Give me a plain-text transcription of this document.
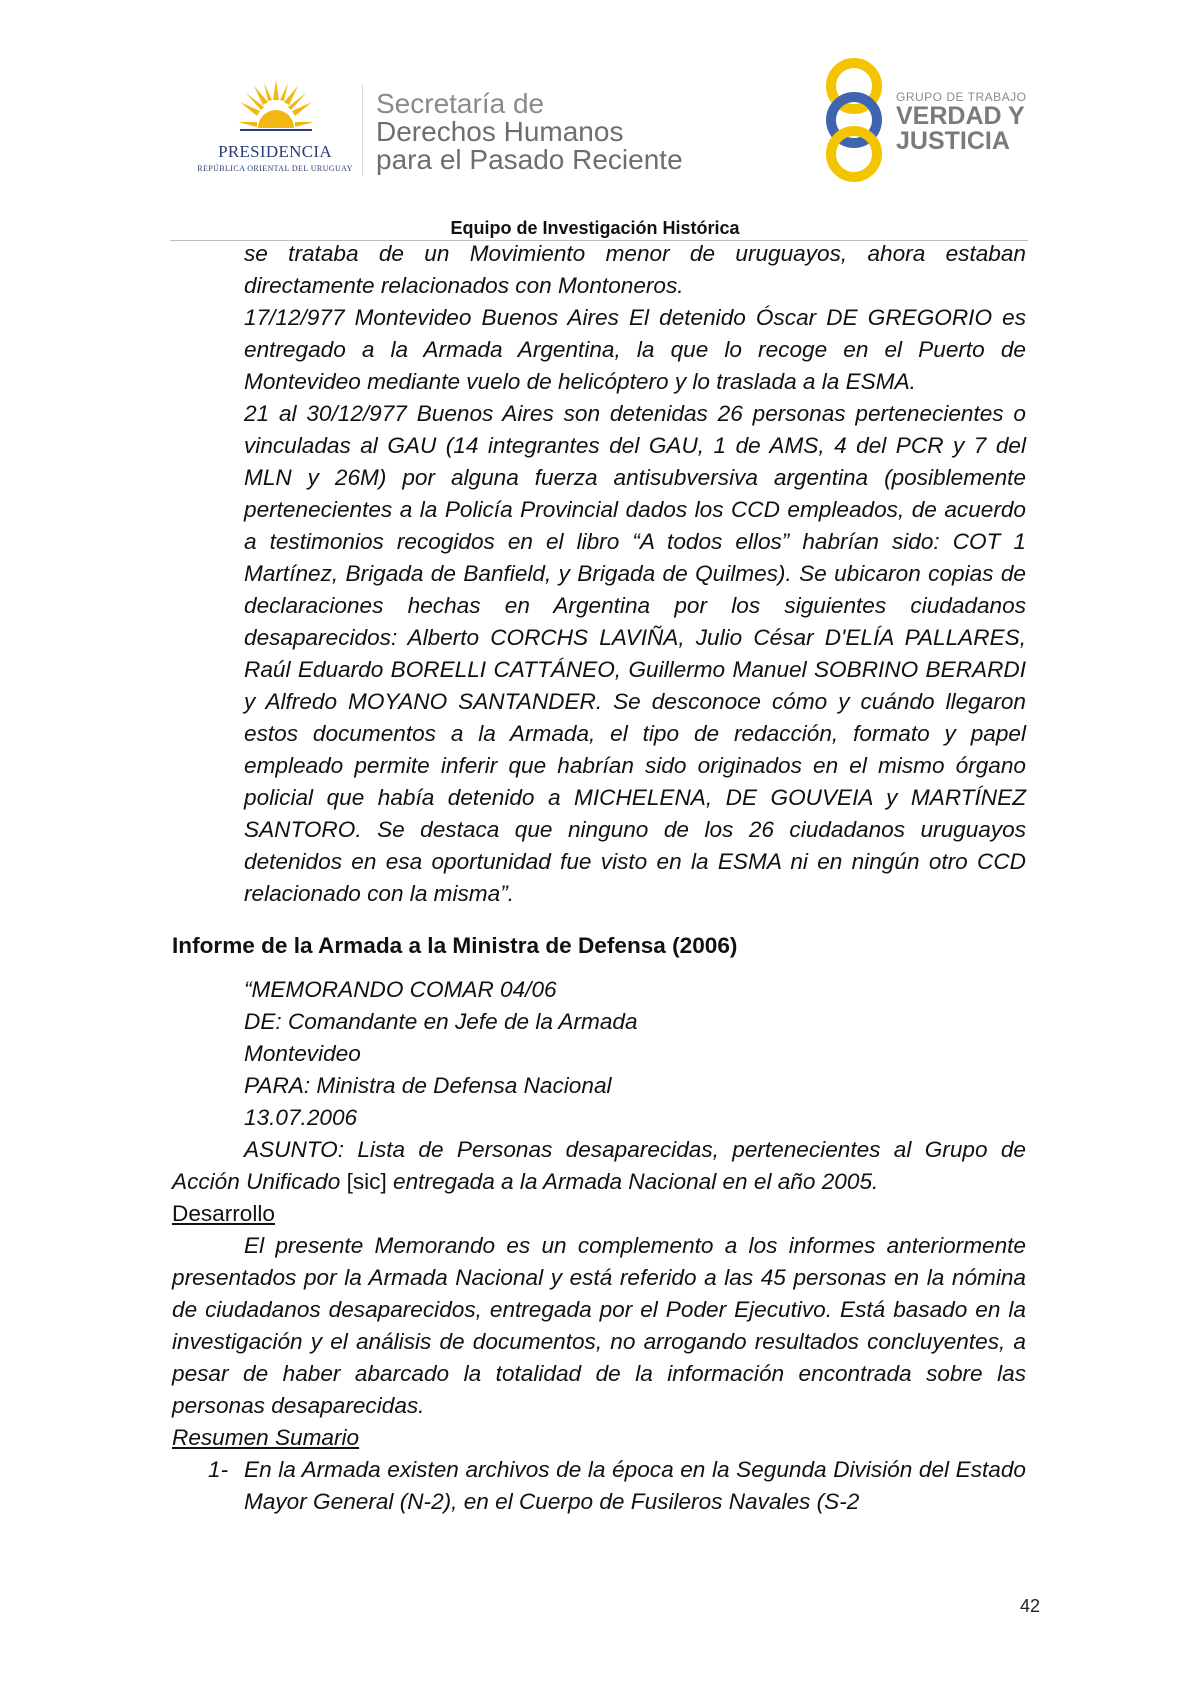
PRESIDENCIA
REPÚBLICA ORIENTAL DEL URUGUAY
Secretaría de
Derechos Humanos
para el Pasado Reciente
GRUPO DE TRABAJO
VERDAD Y
JUSTICIA
Equipo de Investigación Histórica

se trataba de un Movimiento menor de uruguayos, ahora estaban directamente relacionados con Montoneros.

17/12/977 Montevideo Buenos Aires El detenido Óscar DE GREGORIO es entregado a la Armada Argentina, la que lo recoge en el Puerto de Montevideo mediante vuelo de helicóptero y lo traslada a la ESMA.

21 al 30/12/977 Buenos Aires son detenidas 26 personas pertenecientes o vinculadas al GAU (14 integrantes del GAU, 1 de AMS, 4 del PCR y 7 del MLN y 26M) por alguna fuerza antisubversiva argentina (posiblemente pertenecientes a la Policía Provincial dados los CCD empleados, de acuerdo a testimonios recogidos en el libro “A todos ellos” habrían sido: COT 1 Martínez, Brigada de Banfield, y Brigada de Quilmes). Se ubicaron copias de declaraciones hechas en Argentina por los siguientes ciudadanos desaparecidos: Alberto CORCHS LAVIÑA, Julio César D'ELÍA PALLARES, Raúl Eduardo BORELLI CATTÁNEO, Guillermo Manuel SOBRINO BERARDI y Alfredo MOYANO SANTANDER. Se desconoce cómo y cuándo llegaron estos documentos a la Armada, el tipo de redacción, formato y papel empleado permite inferir que habrían sido originados en el mismo órgano policial que había detenido a MICHELENA, DE GOUVEIA y MARTÍNEZ SANTORO. Se destaca que ninguno de los 26 ciudadanos uruguayos detenidos en esa oportunidad fue visto en la ESMA ni en ningún otro CCD relacionado con la misma”.

Informe de la Armada a la Ministra de Defensa (2006)

“MEMORANDO COMAR 04/06

DE: Comandante en Jefe de la Armada

Montevideo

PARA: Ministra de Defensa Nacional

13.07.2006

ASUNTO: Lista de Personas desaparecidas, pertenecientes al Grupo de Acción Unificado [sic] entregada a la Armada Nacional en el año 2005.

Desarrollo

El presente Memorando es un complemento a los informes anteriormente presentados por la Armada Nacional y está referido a las 45 personas en la nómina de ciudadanos desaparecidos, entregada por el Poder Ejecutivo. Está basado en la investigación y el análisis de documentos, no arrogando resultados concluyentes, a pesar de haber abarcado la totalidad de la información encontrada sobre las personas desaparecidas.

Resumen Sumario

1- En la Armada existen archivos de la época en la Segunda División del Estado Mayor General (N-2), en el Cuerpo de Fusileros Navales (S-2
42
